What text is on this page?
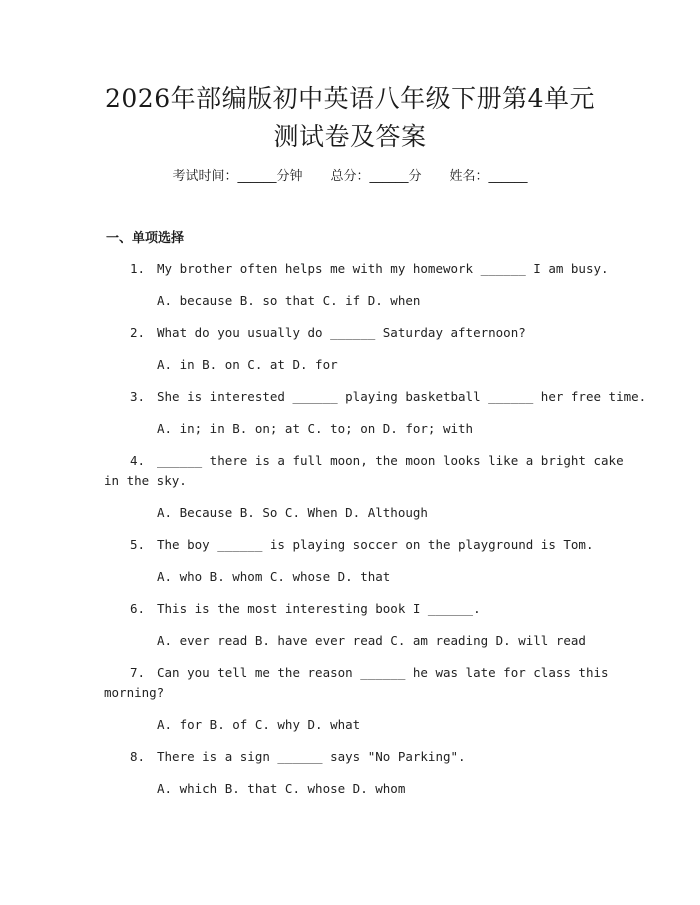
2026年部编版初中英语八年级下册第4单元
测试卷及答案
考试时间：______分钟 总分：______分 姓名：______
一、单项选择
1. My brother often helps me with my homework ______ I am busy.
A. because B. so that C. if D. when
2. What do you usually do ______ Saturday afternoon?
A. in B. on C. at D. for
3. She is interested ______ playing basketball ______ her free time.
A. in; in B. on; at C. to; on D. for; with
4. ______ there is a full moon, the moon looks like a bright cake
in the sky.
A. Because B. So C. When D. Although
5. The boy ______ is playing soccer on the playground is Tom.
A. who B. whom C. whose D. that
6. This is the most interesting book I ______.
A. ever read B. have ever read C. am reading D. will read
7. Can you tell me the reason ______ he was late for class this
morning?
A. for B. of C. why D. what
8. There is a sign ______ says "No Parking".
A. which B. that C. whose D. whom
